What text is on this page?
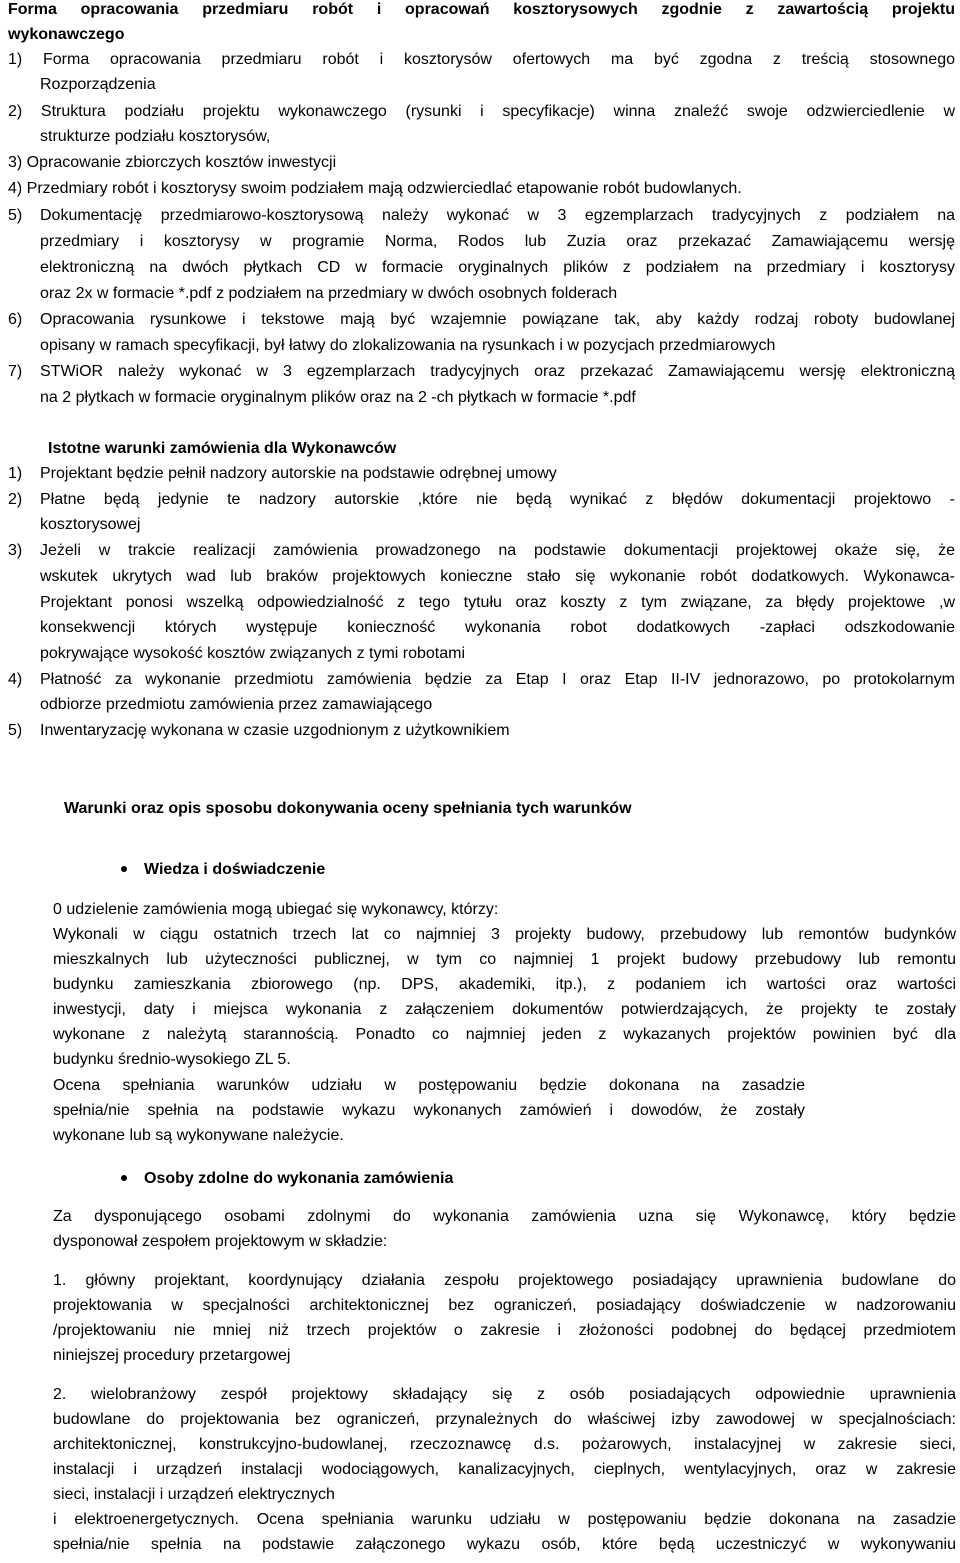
Forma opracowania przedmiaru robót i opracowań kosztorysowych zgodnie z zawartością projektu
wykonawczego
1) Forma opracowania przedmiaru robót i kosztorysów ofertowych ma być zgodna z treścią stosownego
Rozporządzenia
2) Struktura podziału projektu wykonawczego (rysunki i specyfikacje) winna znaleźć swoje odzwierciedlenie w
strukturze podziału kosztorysów,
3) Opracowanie zbiorczych kosztów inwestycji
4) Przedmiary robót i kosztorysy swoim podziałem mają odzwierciedlać etapowanie robót budowlanych.
5) Dokumentację przedmiarowo-kosztorysową należy wykonać w 3 egzemplarzach tradycyjnych z podziałem na
przedmiary i kosztorysy w programie Norma, Rodos lub Zuzia oraz przekazać Zamawiającemu wersję
elektroniczną na dwóch płytkach CD w formacie oryginalnych plików z podziałem na przedmiary i kosztorysy
oraz 2x w formacie *.pdf z podziałem na przedmiary w dwóch osobnych folderach
6) Opracowania rysunkowe i tekstowe mają być wzajemnie powiązane tak, aby każdy rodzaj roboty budowlanej
opisany w ramach specyfikacji, był łatwy do zlokalizowania na rysunkach i w pozycjach przedmiarowych
7) STWiOR należy wykonać w 3 egzemplarzach tradycyjnych oraz przekazać Zamawiającemu wersję elektroniczną
na 2 płytkach w formacie oryginalnym plików oraz na 2 -ch płytkach w formacie *.pdf
Istotne warunki zamówienia dla Wykonawców
1) Projektant będzie pełnił nadzory autorskie na podstawie odrębnej umowy
2) Płatne będą jedynie te nadzory autorskie ,które nie będą wynikać z błędów dokumentacji projektowo -
kosztorysowej
3) Jeżeli w trakcie realizacji zamówienia prowadzonego na podstawie dokumentacji projektowej okaże się, że
wskutek ukrytych wad lub braków projektowych konieczne stało się wykonanie robót dodatkowych. Wykonawca-
Projektant ponosi wszelką odpowiedzialność z tego tytułu oraz koszty z tym związane, za błędy projektowe ,w
konsekwencji których występuje konieczność wykonania robot dodatkowych -zapłaci odszkodowanie
pokrywające wysokość kosztów związanych z tymi robotami
4) Płatność za wykonanie przedmiotu zamówienia będzie za Etap I oraz Etap II-IV jednorazowo, po protokolarnym
odbiorze przedmiotu zamówienia przez zamawiającego
5) Inwentaryzację wykonana w czasie uzgodnionym z użytkownikiem
Warunki oraz opis sposobu dokonywania oceny spełniania tych warunków
Wiedza i doświadczenie
0 udzielenie zamówienia mogą ubiegać się wykonawcy, którzy:
Wykonali w ciągu ostatnich trzech lat co najmniej 3 projekty budowy, przebudowy lub remontów budynków
mieszkalnych lub użyteczności publicznej, w tym co najmniej 1 projekt budowy przebudowy lub remontu
budynku zamieszkania zbiorowego (np. DPS, akademiki, itp.), z podaniem ich wartości oraz wartości
inwestycji, daty i miejsca wykonania z załączeniem dokumentów potwierdzających, że projekty te zostały
wykonane z należytą starannością. Ponadto co najmniej jeden z wykazanych projektów powinien być dla
budynku średnio-wysokiego ZL 5.
Ocena spełniania warunków udziału w postępowaniu będzie dokonana na zasadzie
spełnia/nie spełnia na podstawie wykazu wykonanych zamówień i dowodów, że zostały
wykonane lub są wykonywane należycie.
Osoby zdolne do wykonania zamówienia
Za dysponującego osobami zdolnymi do wykonania zamówienia uzna się Wykonawcę, który będzie
dysponował zespołem projektowym w składzie:
1. główny projektant, koordynujący działania zespołu projektowego posiadający uprawnienia budowlane do
projektowania w specjalności architektonicznej bez ograniczeń, posiadający doświadczenie w nadzorowaniu
/projektowaniu nie mniej niż trzech projektów o zakresie i złożoności podobnej do będącej przedmiotem
niniejszej procedury przetargowej
2. wielobranżowy zespół projektowy składający się z osób posiadających odpowiednie uprawnienia
budowlane do projektowania bez ograniczeń, przynależnych do właściwej izby zawodowej w specjalnościach:
architektonicznej, konstrukcyjno-budowlanej, rzeczoznawcę d.s. pożarowych, instalacyjnej w zakresie sieci,
instalacji i urządzeń instalacji wodociągowych, kanalizacyjnych, cieplnych, wentylacyjnych, oraz w zakresie
sieci, instalacji i urządzeń elektrycznych
i elektroenergetycznych. Ocena spełniania warunku udziału w postępowaniu będzie dokonana na zasadzie
spełnia/nie spełnia na podstawie załączonego wykazu osób, które będą uczestniczyć w wykonywaniu
